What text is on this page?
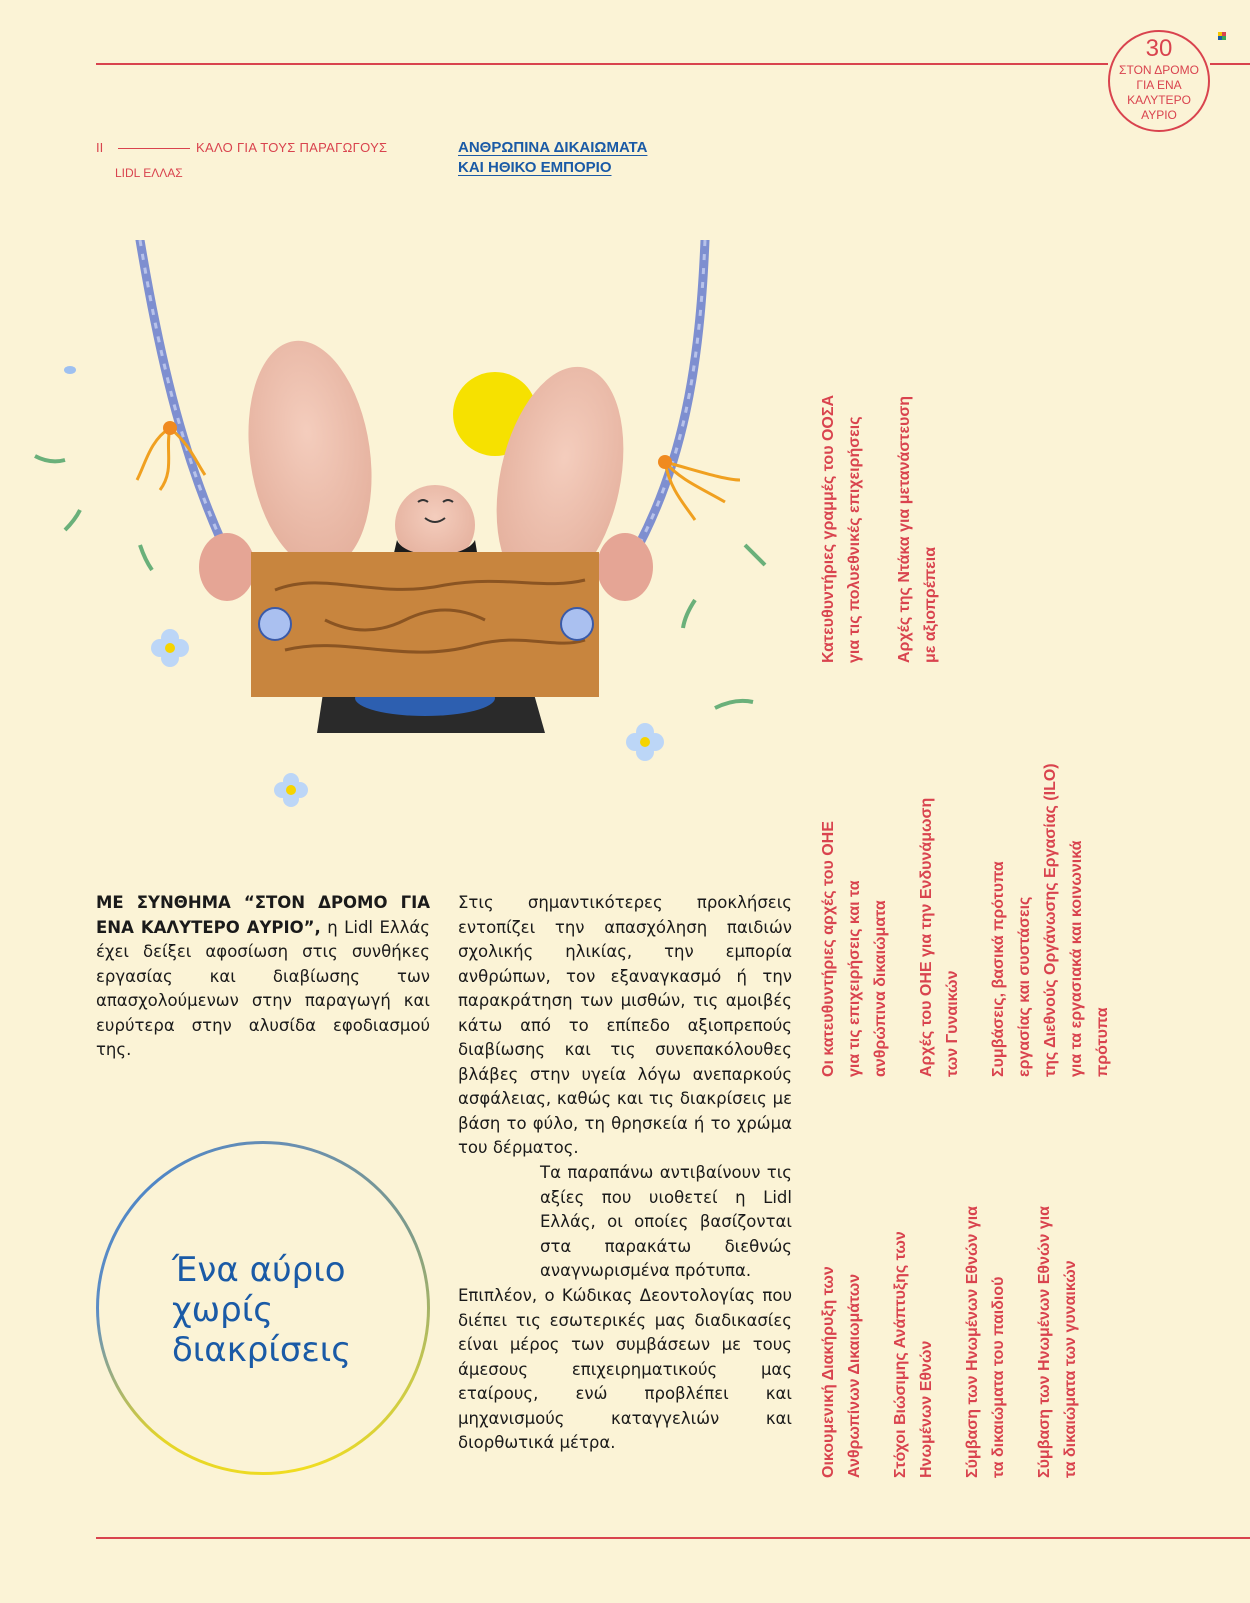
30
ΣΤΟΝ ΔΡΟΜΟ
ΓΙΑ ΕΝΑ
ΚΑΛΥΤΕΡΟ
ΑΥΡΙΟ
II	ΚΑΛΟ ΓΙΑ ΤΟΥΣ ΠΑΡΑΓΩΓΟΥΣ
LIDL ΕΛΛΑΣ
ΑΝΘΡΩΠΙΝΑ ΔΙΚΑΙΩΜΑΤΑ
ΚΑΙ ΗΘΙΚΟ ΕΜΠΟΡΙΟ
ΜΕ ΣΥΝΘΗΜΑ “ΣΤΟΝ ΔΡΟΜΟ ΓΙΑ ΕΝΑ ΚΑΛΥΤΕΡΟ ΑΥΡΙΟ”, η Lidl Ελλάς έχει δείξει αφοσίωση στις συνθήκες εργασίας και διαβίωσης των απασχολούμενων στην παραγωγή και ευρύτερα στην αλυσίδα εφοδιασμού της.
Στις σημαντικότερες προκλήσεις εντοπίζει την απασχόληση παιδιών σχολικής ηλικίας, την εμπορία ανθρώπων, τον εξαναγκασμό ή την παρακράτηση των μισθών, τις αμοιβές κάτω από το επίπεδο αξιοπρεπούς διαβίωσης και τις συνεπακόλουθες βλάβες στην υγεία λόγω ανεπαρκούς ασφάλειας, καθώς και τις διακρίσεις με βάση το φύλο, τη θρησκεία ή το χρώμα του δέρματος.
Τα παραπάνω αντιβαίνουν τις αξίες που υιοθετεί η Lidl Ελλάς, οι οποίες βασίζονται στα παρακάτω διεθνώς αναγνωρισμένα πρότυπα.
Επιπλέον, ο Κώδικας Δεοντολογίας που διέπει τις εσωτερικές μας διαδικασίες είναι μέρος των συμβάσεων με τους άμεσους επιχειρηματικούς μας εταίρους, ενώ προβλέπει και μηχανισμούς καταγγελιών και διορθωτικά μέτρα.
Ένα αύριο
χωρίς
διακρίσεις
Κατευθυντήριες γραμμές του ΟΟΣΑ για τις πολυεθνικές επιχειρήσεις	Αρχές της Ντάκα για μετανάστευση με αξιοπρέπεια
Οι κατευθυντήριες αρχές του ΟΗΕ για τις επιχειρήσεις και τα ανθρώπινα δικαιώματα	Αρχές του ΟΗΕ για την Ενδυνάμωση των Γυναικών	Συμβάσεις, βασικά πρότυπα εργασίας και συστάσεις της Διεθνούς Οργάνωσης Εργασίας (ILO) για τα εργασιακά και κοινωνικά πρότυπα
Οικουμενική Διακήρυξη των Ανθρωπίνων Δικαιωμάτων	Στόχοι Βιώσιμης Ανάπτυξης των Ηνωμένων Εθνών	Σύμβαση των Ηνωμένων Εθνών για τα δικαιώματα του παιδιού	Σύμβαση των Ηνωμένων Εθνών για τα δικαιώματα των γυναικών
